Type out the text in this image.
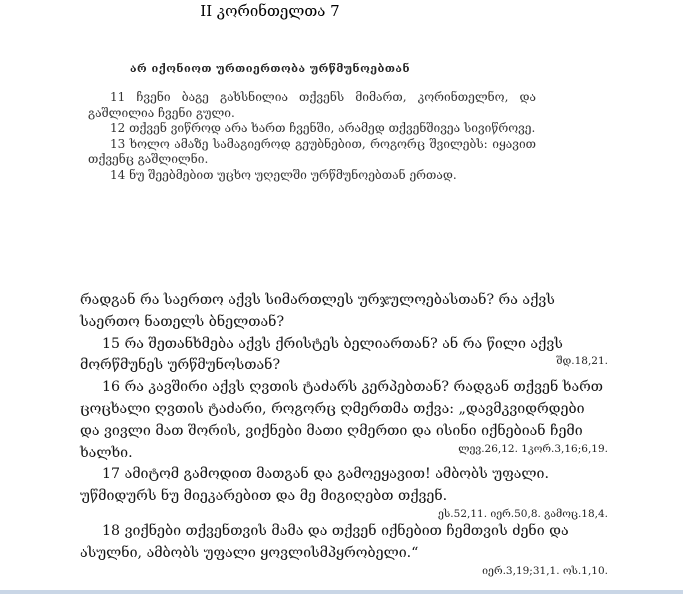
II კორინთელთა 7
არ იქონიოთ ურთიერთობა ურწმუნოებთან

11 ჩვენი ბაგე გახსნილია თქვენს მიმართ, კორინთელნო, და გაშლილია ჩვენი გული.

12 თქვენ ვიწროდ არა ხართ ჩვენში, არამედ თქვენშივეა სივიწროვე.

13 ხოლო ამაზე სამაგიეროდ გეუბნებით, როგორც შვილებს: იყავით თქვენც გაშლილნი.

14 ნუ შეებმებით უცხო უღელში ურწმუნოებთან ერთად.

რადგან რა საერთო აქვს სიმართლეს ურჯულოებასთან? რა აქვს საერთო ნათელს ბნელთან?

15 რა შეთანხმება აქვს ქრისტეს ბელიართან? ან რა წილი აქვს მორწმუნეს ურწმუნოსთან?	შდ.18,21.

16 რა კავშირი აქვს ღვთის ტაძარს კერპებთან? რადგან თქვენ ხართ ცოცხალი ღვთის ტაძარი, როგორც ღმერთმა თქვა: „დავმკვიდრდები და ვივლი მათ შორის, ვიქნები მათი ღმერთი და ისინი იქნებიან ჩემი ხალხი.	ლევ.26,12. 1კორ.3,16;6,19.

17 ამიტომ გამოდით მათგან და გამოეყავით! ამბობს უფალი. უწმიდურს ნუ მიეკარებით და მე მიგიღებთ თქვენ.

ეს.52,11. იერ.50,8. გამოც.18,4.

18 ვიქნები თქვენთვის მამა და თქვენ იქნებით ჩემთვის ძენი და ასულნი, ამბობს უფალი ყოვლისმპყრობელი.“

იერ.3,19;31,1. ოს.1,10.
